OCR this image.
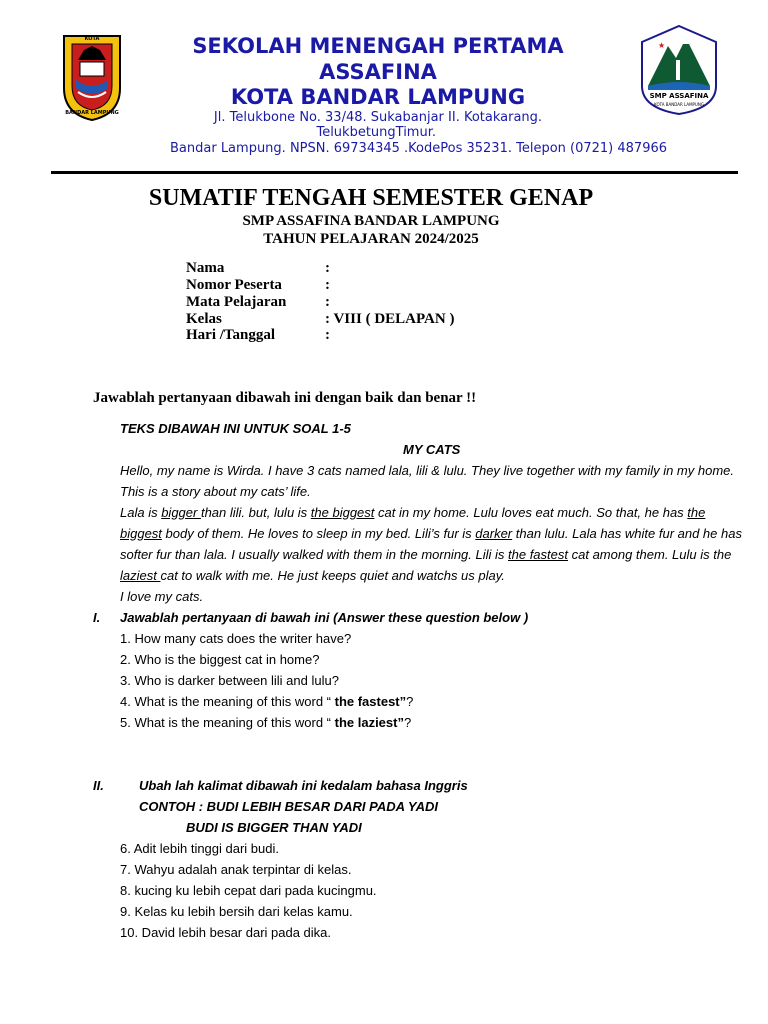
KOTA
BANDAR LAMPUNG
SEKOLAH MENENGAH PERTAMA
ASSAFINA
KOTA BANDAR LAMPUNG
Jl. Telukbone No. 33/48. Sukabanjar II. Kotakarang.
TelukbetungTimur.
Bandar Lampung. NPSN. 69734345 .KodePos 35231. Telepon (0721) 487966
★
SMP ASSAFINA
KOTA BANDAR LAMPUNG
SUMATIF TENGAH SEMESTER GENAP
SMP ASSAFINA BANDAR LAMPUNG
TAHUN PELAJARAN 2024/2025
Nama	:
Nomor Peserta	:
Mata Pelajaran	:
Kelas	: VIII ( DELAPAN )
Hari /Tanggal	:
Jawablah pertanyaan dibawah ini dengan baik dan benar !!
TEKS DIBAWAH INI UNTUK SOAL 1-5
MY CATS
Hello, my name is Wirda. I have 3 cats named lala, lili & lulu. They live together with my family in my home.
This is a story about my cats’ life.
Lala is bigger than lili. but, lulu is the biggest cat in my home. Lulu loves eat much. So that, he has the
biggest body of them. He loves to sleep in my bed. Lili’s fur is darker than lulu. Lala has white fur and he has
softer fur than lala. I usually walked with them in the morning. Lili is the fastest cat among them. Lulu is the
laziest cat to walk with me. He just keeps quiet and watchs us play.
I love my cats.
I. Jawablah pertanyaan di bawah ini (Answer these question below )
1. How many cats does the writer have?
2. Who is the biggest cat in home?
3. Who is darker between lili and lulu?
4. What is the meaning of this word “ the fastest”?
5. What is the meaning of this word “ the laziest”?
II.	Ubah lah kalimat dibawah ini kedalam bahasa Inggris
CONTOH : BUDI LEBIH BESAR DARI PADA YADI
BUDI IS BIGGER THAN YADI
6. Adit lebih tinggi dari budi.
7. Wahyu adalah anak terpintar di kelas.
8. kucing ku lebih cepat dari pada kucingmu.
9. Kelas ku lebih bersih dari kelas kamu.
10. David lebih besar dari pada dika.
